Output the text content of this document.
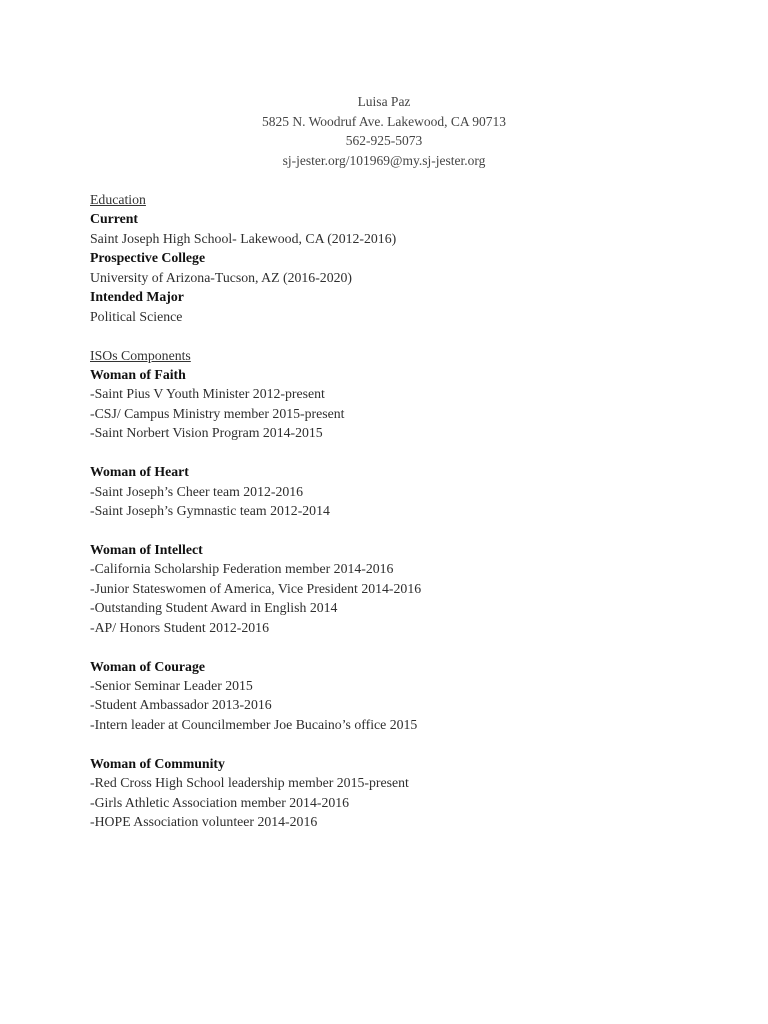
Luisa Paz
5825 N. Woodruf Ave. Lakewood, CA 90713
562-925-5073
sj-jester.org/101969@my.sj-jester.org
Education
Current
Saint Joseph High School- Lakewood, CA (2012-2016)
Prospective College
University of Arizona-Tucson, AZ (2016-2020)
Intended Major
Political Science
ISOs Components
Woman of Faith
-Saint Pius V Youth Minister 2012-present
-CSJ/ Campus Ministry member 2015-present
-Saint Norbert Vision Program 2014-2015
Woman of Heart
-Saint Joseph’s Cheer team 2012-2016
-Saint Joseph’s Gymnastic team 2012-2014
Woman of Intellect
-California Scholarship Federation member 2014-2016
-Junior Stateswomen of America, Vice President 2014-2016
-Outstanding Student Award in English 2014
-AP/ Honors Student 2012-2016
Woman of Courage
-Senior Seminar Leader 2015
-Student Ambassador 2013-2016
-Intern leader at Councilmember Joe Bucaino’s office 2015
Woman of Community
-Red Cross High School leadership member 2015-present
-Girls Athletic Association member 2014-2016
-HOPE Association volunteer 2014-2016
